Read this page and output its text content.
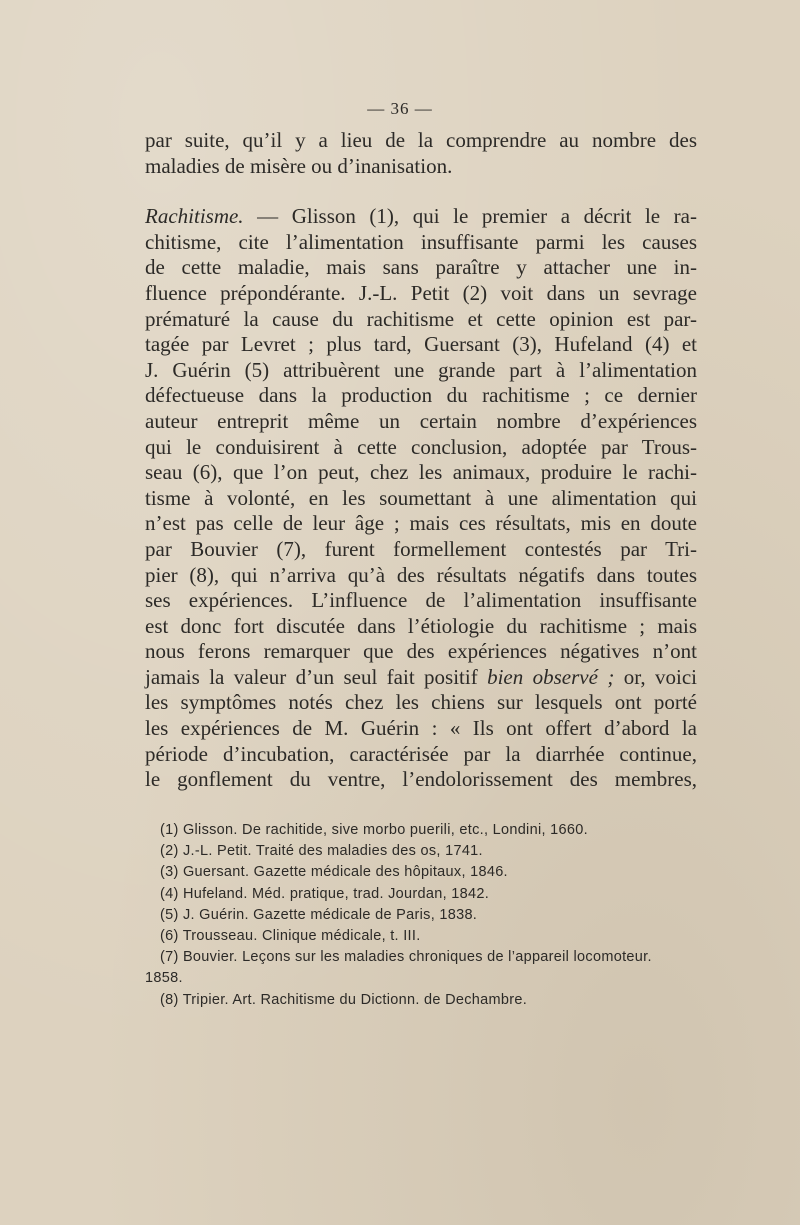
— 36 —
par suite, qu’il y a lieu de la comprendre au nombre des
maladies de misère ou d’inanisation.
Rachitisme. — Glisson (1), qui le premier a décrit le ra-
chitisme, cite l’alimentation insuffisante parmi les causes
de cette maladie, mais sans paraître y attacher une in-
fluence prépondérante. J.-L. Petit (2) voit dans un sevrage
prématuré la cause du rachitisme et cette opinion est par-
tagée par Levret ; plus tard, Guersant (3), Hufeland (4) et
J. Guérin (5) attribuèrent une grande part à l’alimentation
défectueuse dans la production du rachitisme ; ce dernier
auteur entreprit même un certain nombre d’expériences
qui le conduisirent à cette conclusion, adoptée par Trous-
seau (6), que l’on peut, chez les animaux, produire le rachi-
tisme à volonté, en les soumettant à une alimentation qui
n’est pas celle de leur âge ; mais ces résultats, mis en doute
par Bouvier (7), furent formellement contestés par Tri-
pier (8), qui n’arriva qu’à des résultats négatifs dans toutes
ses expériences. L’influence de l’alimentation insuffisante
est donc fort discutée dans l’étiologie du rachitisme ; mais
nous ferons remarquer que des expériences négatives n’ont
jamais la valeur d’un seul fait positif bien observé ; or, voici
les symptômes notés chez les chiens sur lesquels ont porté
les expériences de M. Guérin : « Ils ont offert d’abord la
période d’incubation, caractérisée par la diarrhée continue,
le gonflement du ventre, l’endolorissement des membres,
(1) Glisson. De rachitide, sive morbo puerili, etc., Londini, 1660.
(2) J.-L. Petit. Traité des maladies des os, 1741.
(3) Guersant. Gazette médicale des hôpitaux, 1846.
(4) Hufeland. Méd. pratique, trad. Jourdan, 1842.
(5) J. Guérin. Gazette médicale de Paris, 1838.
(6) Trousseau. Clinique médicale, t. III.
(7) Bouvier. Leçons sur les maladies chroniques de l’appareil locomoteur.
1858.
(8) Tripier. Art. Rachitisme du Dictionn. de Dechambre.
